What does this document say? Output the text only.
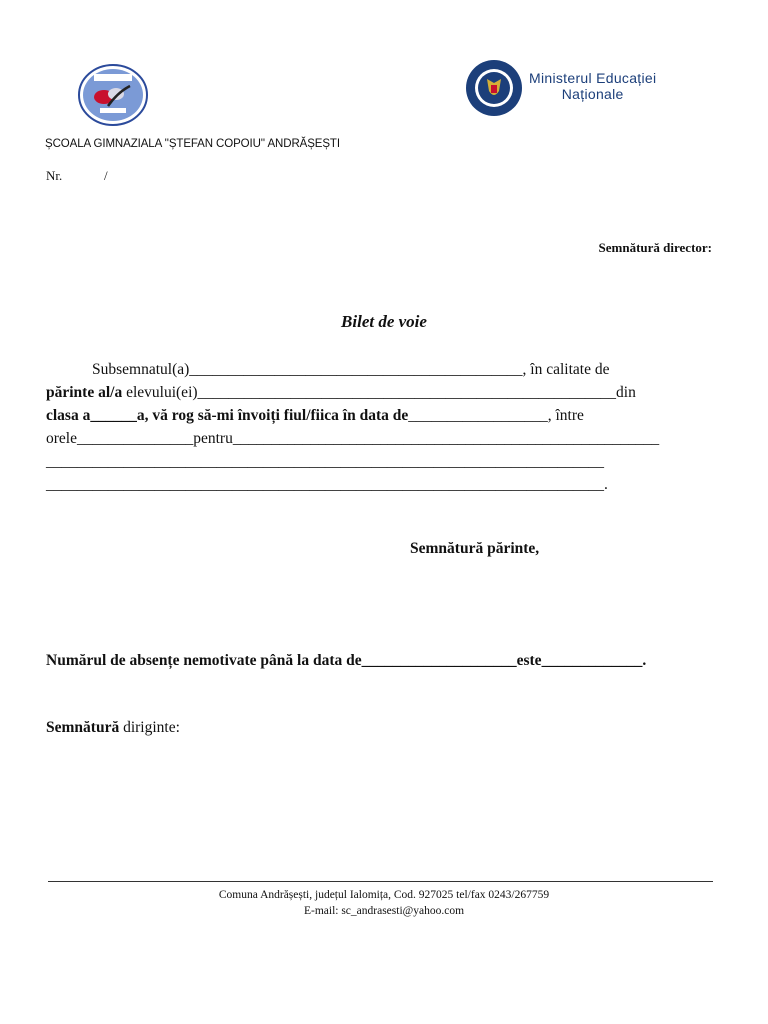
Ministerul Educației
Naționale
ȘCOALA GIMNAZIALA ''ȘTEFAN COPOIU'' ANDRĂȘEȘTI
Nr.	/
Semnătură director:
Bilet de voie
Subsemnatul(a)___________________________________________, în calitate de
părinte al/a elevului(ei)______________________________________________________din
clasa a______a, vă rog să-mi învoiți fiul/fiica în data de__________________, între
orele_______________pentru_______________________________________________________
________________________________________________________________________
________________________________________________________________________.
Semnătură părinte,
Numărul de absențe nemotivate până la data de____________________este_____________.
Semnătură diriginte:
Comuna Andrășești, județul Ialomița, Cod. 927025 tel/fax 0243/267759
E-mail: sc_andrasesti@yahoo.com
